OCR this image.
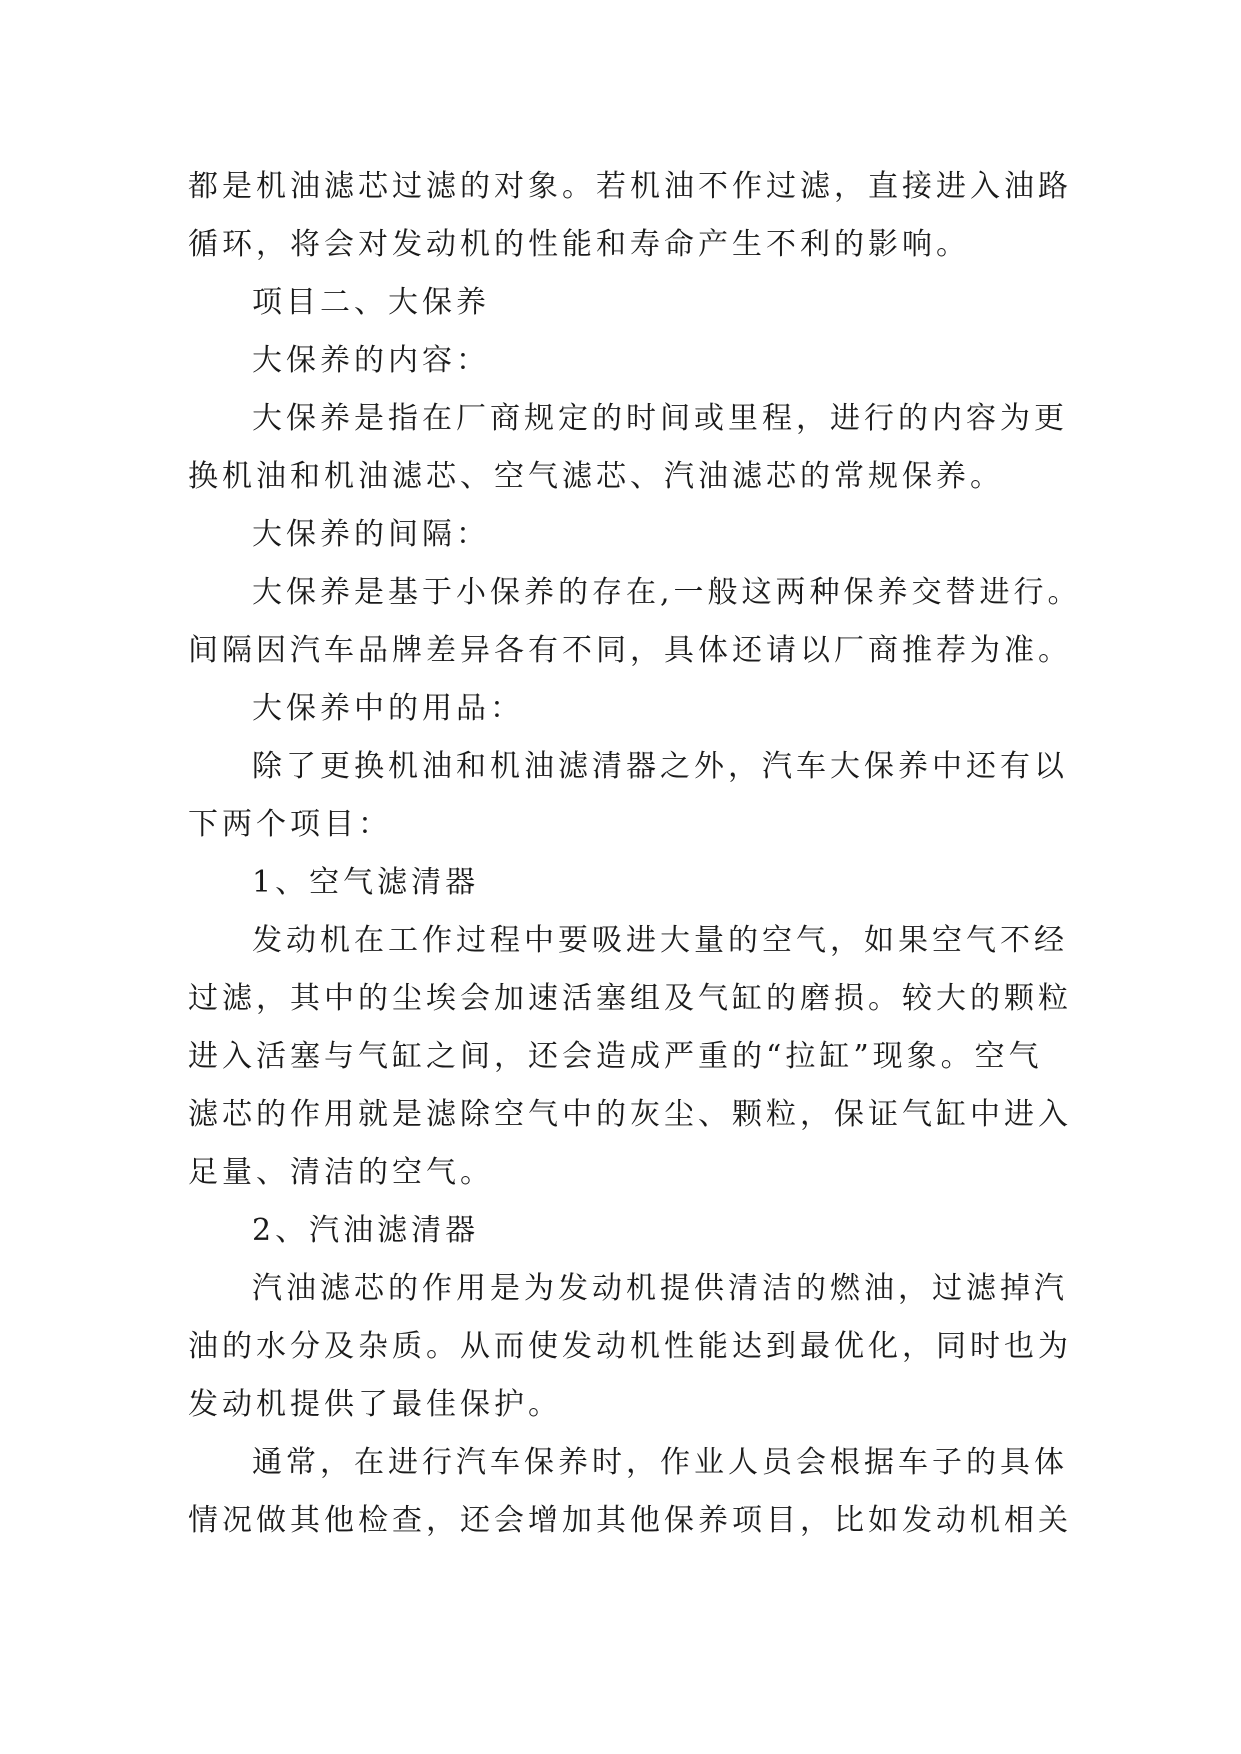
都是机油滤芯过滤的对象。若机油不作过滤，直接进入油路
循环，将会对发动机的性能和寿命产生不利的影响。
项目二、大保养
大保养的内容：
大保养是指在厂商规定的时间或里程，进行的内容为更
换机油和机油滤芯、空气滤芯、汽油滤芯的常规保养。
大保养的间隔：
大保养是基于小保养的存在,一般这两种保养交替进行。
间隔因汽车品牌差异各有不同，具体还请以厂商推荐为准。
大保养中的用品：
除了更换机油和机油滤清器之外，汽车大保养中还有以
下两个项目：
1、空气滤清器
发动机在工作过程中要吸进大量的空气，如果空气不经
过滤，其中的尘埃会加速活塞组及气缸的磨损。较大的颗粒
进入活塞与气缸之间，还会造成严重的“拉缸”现象。空气
滤芯的作用就是滤除空气中的灰尘、颗粒，保证气缸中进入
足量、清洁的空气。
2、汽油滤清器
汽油滤芯的作用是为发动机提供清洁的燃油，过滤掉汽
油的水分及杂质。从而使发动机性能达到最优化，同时也为
发动机提供了最佳保护。
通常，在进行汽车保养时，作业人员会根据车子的具体
情况做其他检查，还会增加其他保养项目，比如发动机相关
